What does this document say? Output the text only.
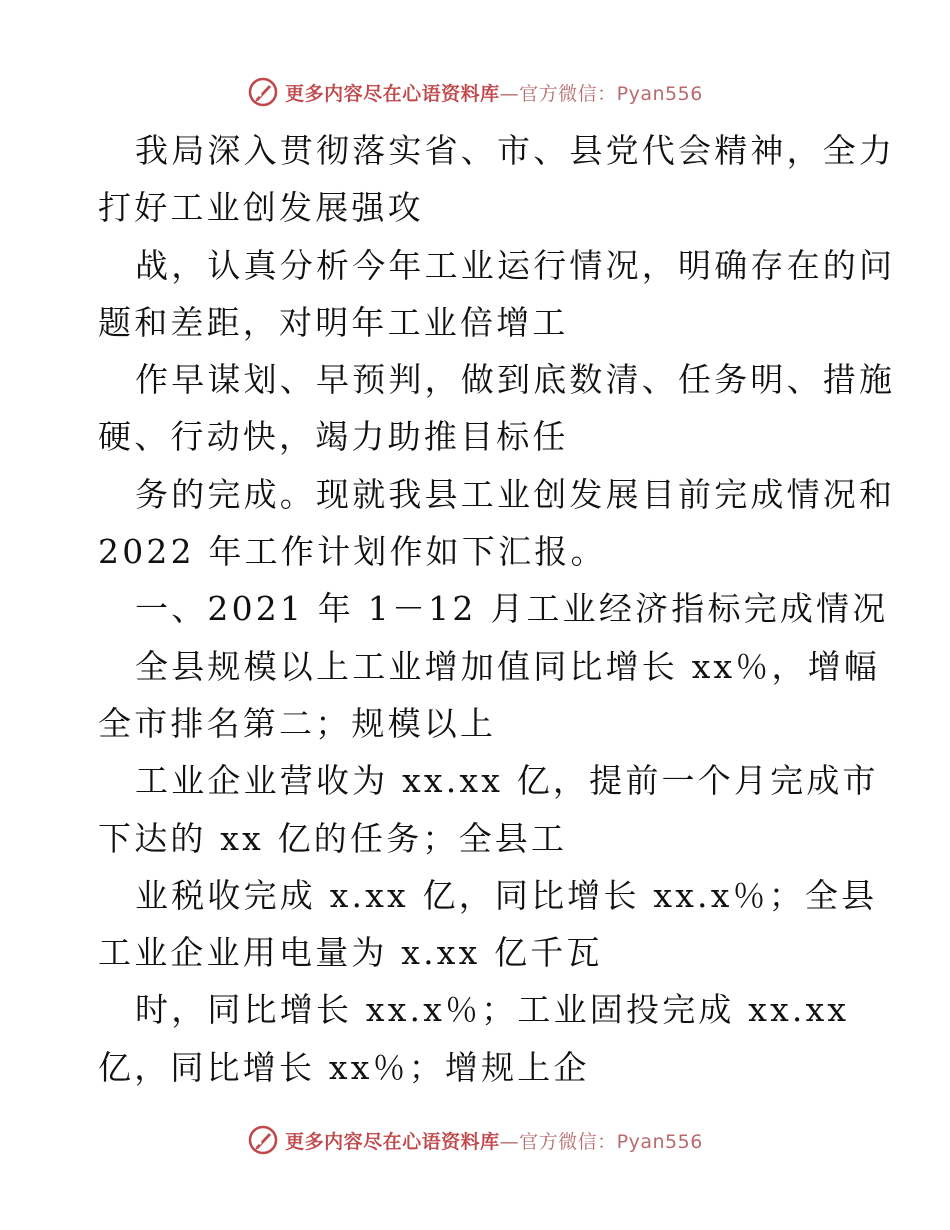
更多内容尽在心语资料库—官方微信：Pyan556
我局深入贯彻落实省、市、县党代会精神，全力
打好工业创发展强攻
战，认真分析今年工业运行情况，明确存在的问
题和差距，对明年工业倍增工
作早谋划、早预判，做到底数清、任务明、措施
硬、行动快，竭力助推目标任
务的完成。现就我县工业创发展目前完成情况和
2022 年工作计划作如下汇报。
一、2021 年 1－12 月工业经济指标完成情况
全县规模以上工业增加值同比增长 xx％，增幅
全市排名第二；规模以上
工业企业营收为 xx.xx 亿，提前一个月完成市
下达的 xx 亿的任务；全县工
业税收完成 x.xx 亿，同比增长 xx.x％；全县
工业企业用电量为 x.xx 亿千瓦
时，同比增长 xx.x％；工业固投完成 xx.xx
亿，同比增长 xx％；增规上企
更多内容尽在心语资料库—官方微信：Pyan556
